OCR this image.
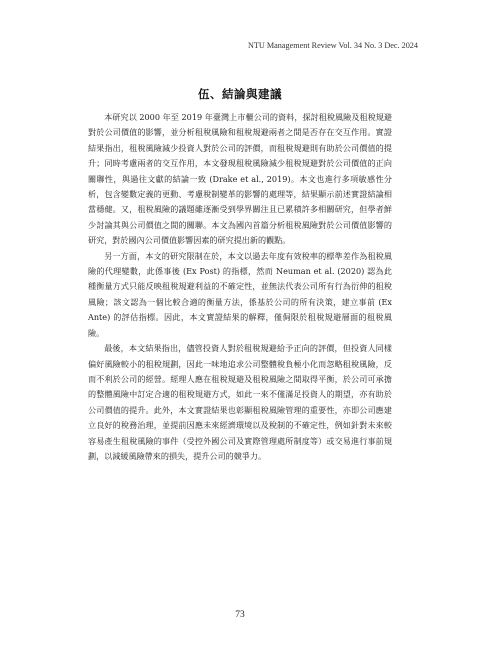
NTU Management Review Vol. 34 No. 3 Dec. 2024
伍、結論與建議

本研究以 2000 年至 2019 年臺灣上市櫃公司的資料，探討租稅風險及租稅規避對於公司價值的影響，並分析租稅風險和租稅規避兩者之間是否存在交互作用。實證結果指出，租稅風險減少投資人對於公司的評價，而租稅規避則有助於公司價值的提升；同時考慮兩者的交互作用，本文發現租稅風險減少租稅規避對於公司價值的正向關聯性，與過往文獻的結論一致 (Drake et al., 2019)。本文也進行多項敏感性分析，包含變數定義的更動、考慮稅制變革的影響的處理等，結果顯示前述實證結論相當穩健。又，租稅風險的議題雖逐漸受到學界關注且已累積許多相關研究，但學者鮮少討論其與公司價值之間的關聯。本文為國內首篇分析租稅風險對於公司價值影響的研究，對於國內公司價值影響因素的研究提出新的觀點。

另一方面，本文的研究限制在於，本文以過去年度有效稅率的標準差作為租稅風險的代理變數，此係事後 (Ex Post) 的指標，然而 Neuman et al. (2020) 認為此種衡量方式只能反映租稅規避利益的不確定性，並無法代表公司所有行為衍伸的租稅風險；該文認為一個比較合適的衡量方法，係基於公司的所有決策，建立事前 (Ex Ante) 的評估指標。因此，本文實證結果的解釋，僅侷限於租稅規避層面的租稅風險。

最後，本文結果指出，儘管投資人對於租稅規避給予正向的評價，但投資人同樣偏好風險較小的租稅規劃，因此一味地追求公司整體稅負極小化而忽略租稅風險，反而不利於公司的經營。經理人應在租稅規避及租稅風險之間取得平衡，於公司可承擔的整體風險中訂定合適的租稅規避方式，如此一來不僅滿足投資人的期望，亦有助於公司價值的提升。此外，本文實證結果也彰顯租稅風險管理的重要性，亦即公司應建立良好的稅務治理，並提前因應未來經濟環境以及稅制的不確定性，例如針對未來較容易產生租稅風險的事件（受控外國公司及實際管理處所制度等）或交易進行事前規劃，以減緩風險帶來的損失，提升公司的競爭力。

73
